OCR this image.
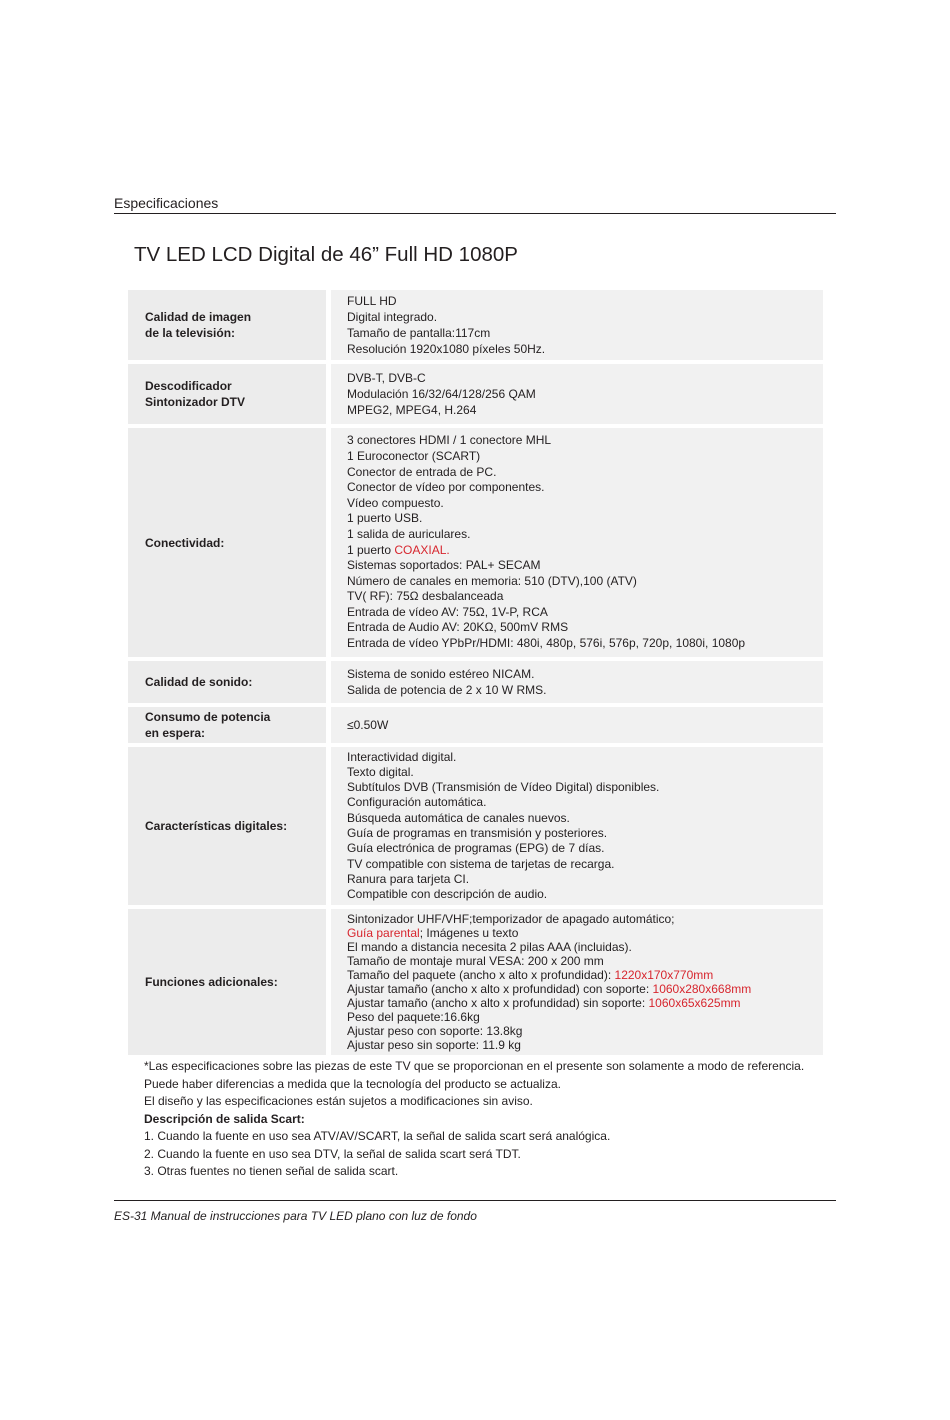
Especificaciones
TV LED LCD Digital de 46” Full HD 1080P
Calidad de imagen
de la televisión:
FULL HD
Digital integrado.
Tamaño de pantalla:117cm
Resolución 1920x1080 píxeles 50Hz.
Descodificador
Sintonizador DTV
DVB-T, DVB-C
Modulación 16/32/64/128/256 QAM
MPEG2, MPEG4, H.264
Conectividad:
3 conectores HDMI / 1 conectore MHL
1 Euroconector (SCART)
Conector de entrada de PC.
Conector de vídeo por componentes.
Vídeo compuesto.
1 puerto USB.
1 salida de auriculares.
1 puerto COAXIAL.
Sistemas soportados: PAL+ SECAM
Número de canales en memoria: 510 (DTV),100 (ATV)
TV( RF): 75Ω desbalanceada
Entrada de vídeo AV: 75Ω, 1V-P, RCA
Entrada de Audio AV: 20KΩ, 500mV RMS
Entrada de vídeo YPbPr/HDMI: 480i, 480p, 576i, 576p, 720p, 1080i, 1080p
Calidad de sonido:
Sistema de sonido estéreo NICAM.
Salida de potencia de 2 x 10 W RMS.
Consumo de potencia
en espera:
≤0.50W
Características digitales:
Interactividad digital.
Texto digital.
Subtítulos DVB (Transmisión de Vídeo Digital) disponibles.
Configuración automática.
Búsqueda automática de canales nuevos.
Guía de programas en transmisión y posteriores.
Guía electrónica de programas (EPG) de 7 días.
TV compatible con sistema de tarjetas de recarga.
Ranura para tarjeta CI.
Compatible con descripción de audio.
Funciones adicionales:
Sintonizador UHF/VHF;temporizador de apagado automático;
Guía parental; Imágenes u texto
El mando a distancia necesita 2 pilas AAA (incluidas).
Tamaño de montaje mural VESA: 200 x 200 mm
Tamaño del paquete (ancho x alto x profundidad): 1220x170x770mm
Ajustar tamaño (ancho x alto x profundidad) con soporte: 1060x280x668mm
Ajustar tamaño (ancho x alto x profundidad) sin soporte: 1060x65x625mm
Peso del paquete:16.6kg
Ajustar peso con soporte: 13.8kg
Ajustar peso sin soporte: 11.9 kg
*Las especificaciones sobre las piezas de este TV que se proporcionan en el presente son solamente a modo de referencia.
Puede haber diferencias a medida que la tecnología del producto se actualiza.
El diseño y las especificaciones están sujetos a modificaciones sin aviso.
Descripción de salida Scart:
1. Cuando la fuente en uso sea ATV/AV/SCART, la señal de salida scart será analógica.
2. Cuando la fuente en uso sea DTV, la señal de salida scart será TDT.
3. Otras fuentes no tienen señal de salida scart.
ES-31 Manual de instrucciones para TV LED plano con luz de fondo
